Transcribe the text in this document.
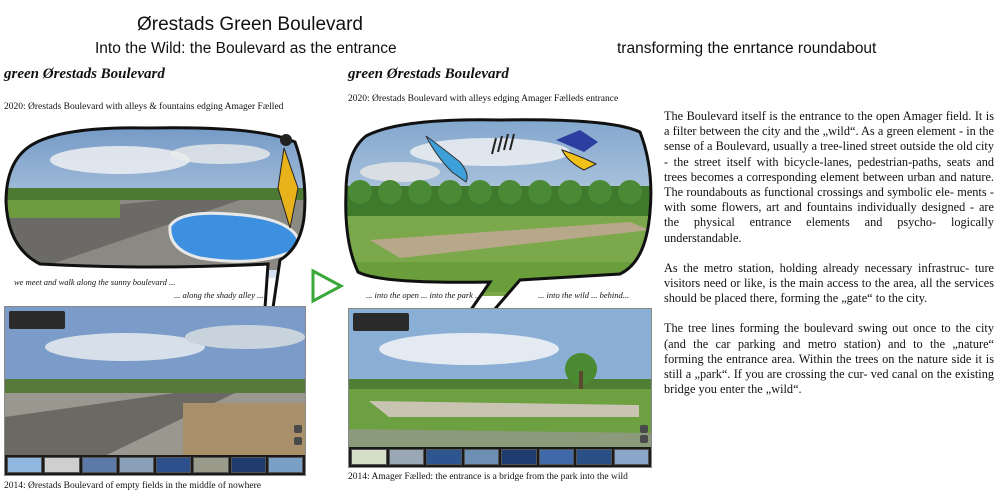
Ørestads Green Boulevard
Into the Wild: the Boulevard as the entrance	transforming the enrtance roundabout
green Ørestads Boulevard
2020: Ørestads Boulevard with alleys & fountains edging Amager Fælled
we meet and walk along the sunny boulevard ...
... along the shady alley ...
2014: Ørestads Boulevard of empty fields in the middle of nowhere
green Ørestads Boulevard
2020: Ørestads Boulevard with alleys edging Amager Fælleds entrance
... into the open ... into the park ...	... into the wild ... behind...
2014: Amager Fælled: the entrance is a bridge from the park into the wild

The Boulevard itself is the entrance to the open Amager field. It is a filter between the city and the „wild“. As a green element - in the sense of a Boulevard, usually a tree-lined street outside the old city - the street itself with bicycle-lanes, pedestrian-paths, seats and trees becomes a corresponding element between urban and nature. The roundabouts as functional crossings and symbolic ele- ments - with some flowers, art and fountains individually designed - are the physical entrance elements and psycho- logically understandable.

As the metro station, holding already necessary infrastruc- ture visitors need or like, is the main access to the area, all the services should be placed there, forming the „gate“ to the city.

The tree lines forming the boulevard swing out once to the city (and the car parking and metro station) and to the „nature“ forming the entrance area. Within the trees on the nature side it is still a „park“. If you are crossing the cur- ved canal on the existing bridge you enter the „wild“.
